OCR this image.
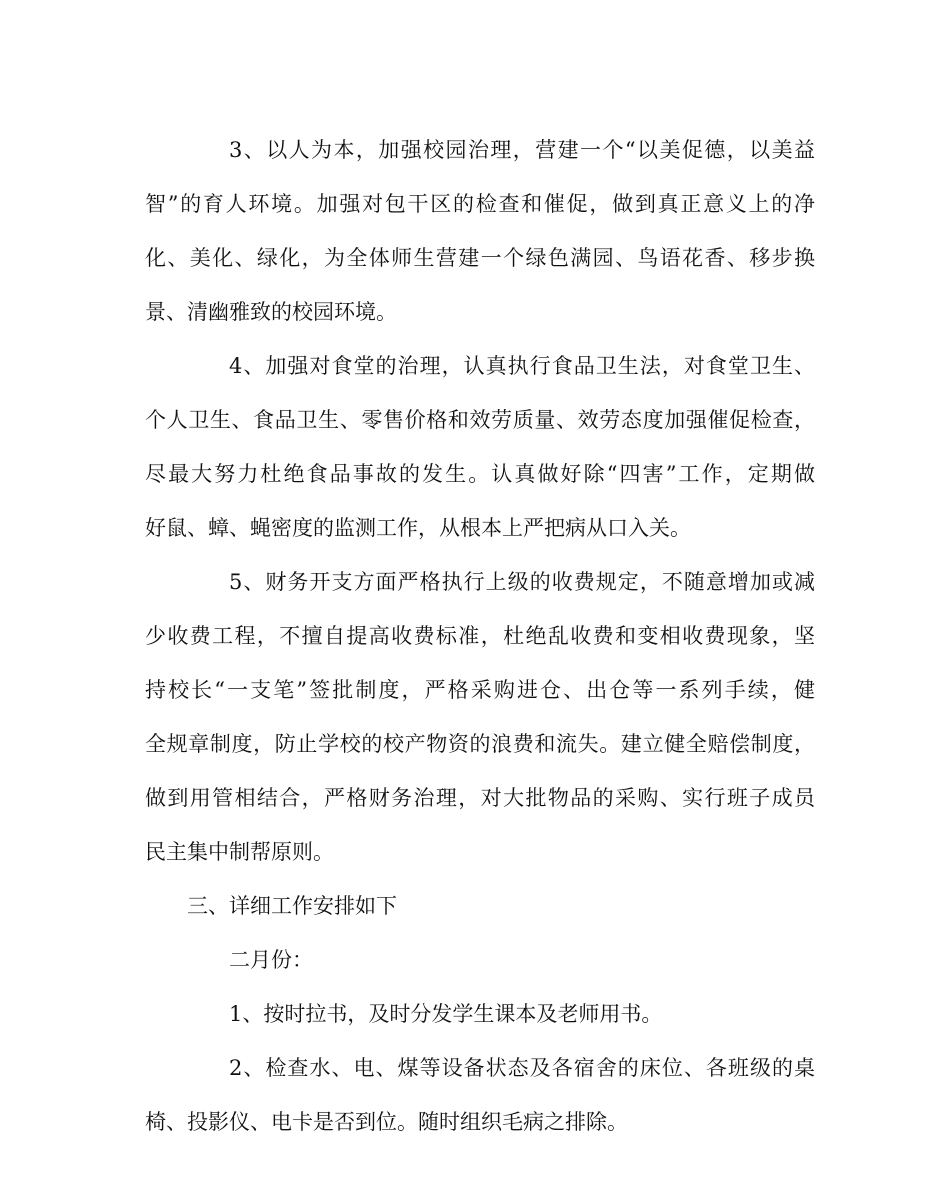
3、以人为本，加强校园治理，营建一个“以美促德，以美益
智”的育人环境。加强对包干区的检查和催促，做到真正意义上的净
化、美化、绿化，为全体师生营建一个绿色满园、鸟语花香、移步换
景、清幽雅致的校园环境。
4、加强对食堂的治理，认真执行食品卫生法，对食堂卫生、
个人卫生、食品卫生、零售价格和效劳质量、效劳态度加强催促检查，
尽最大努力杜绝食品事故的发生。认真做好除“四害”工作，定期做
好鼠、蟑、蝇密度的监测工作，从根本上严把病从口入关。
5、财务开支方面严格执行上级的收费规定，不随意增加或减
少收费工程，不擅自提高收费标准，杜绝乱收费和变相收费现象，坚
持校长“一支笔”签批制度，严格采购进仓、出仓等一系列手续，健
全规章制度，防止学校的校产物资的浪费和流失。建立健全赔偿制度，
做到用管相结合，严格财务治理，对大批物品的采购、实行班子成员
民主集中制帮原则。
三、详细工作安排如下
二月份：
1、按时拉书，及时分发学生课本及老师用书。
2、检查水、电、煤等设备状态及各宿舍的床位、各班级的桌
椅、投影仪、电卡是否到位。随时组织毛病之排除。
